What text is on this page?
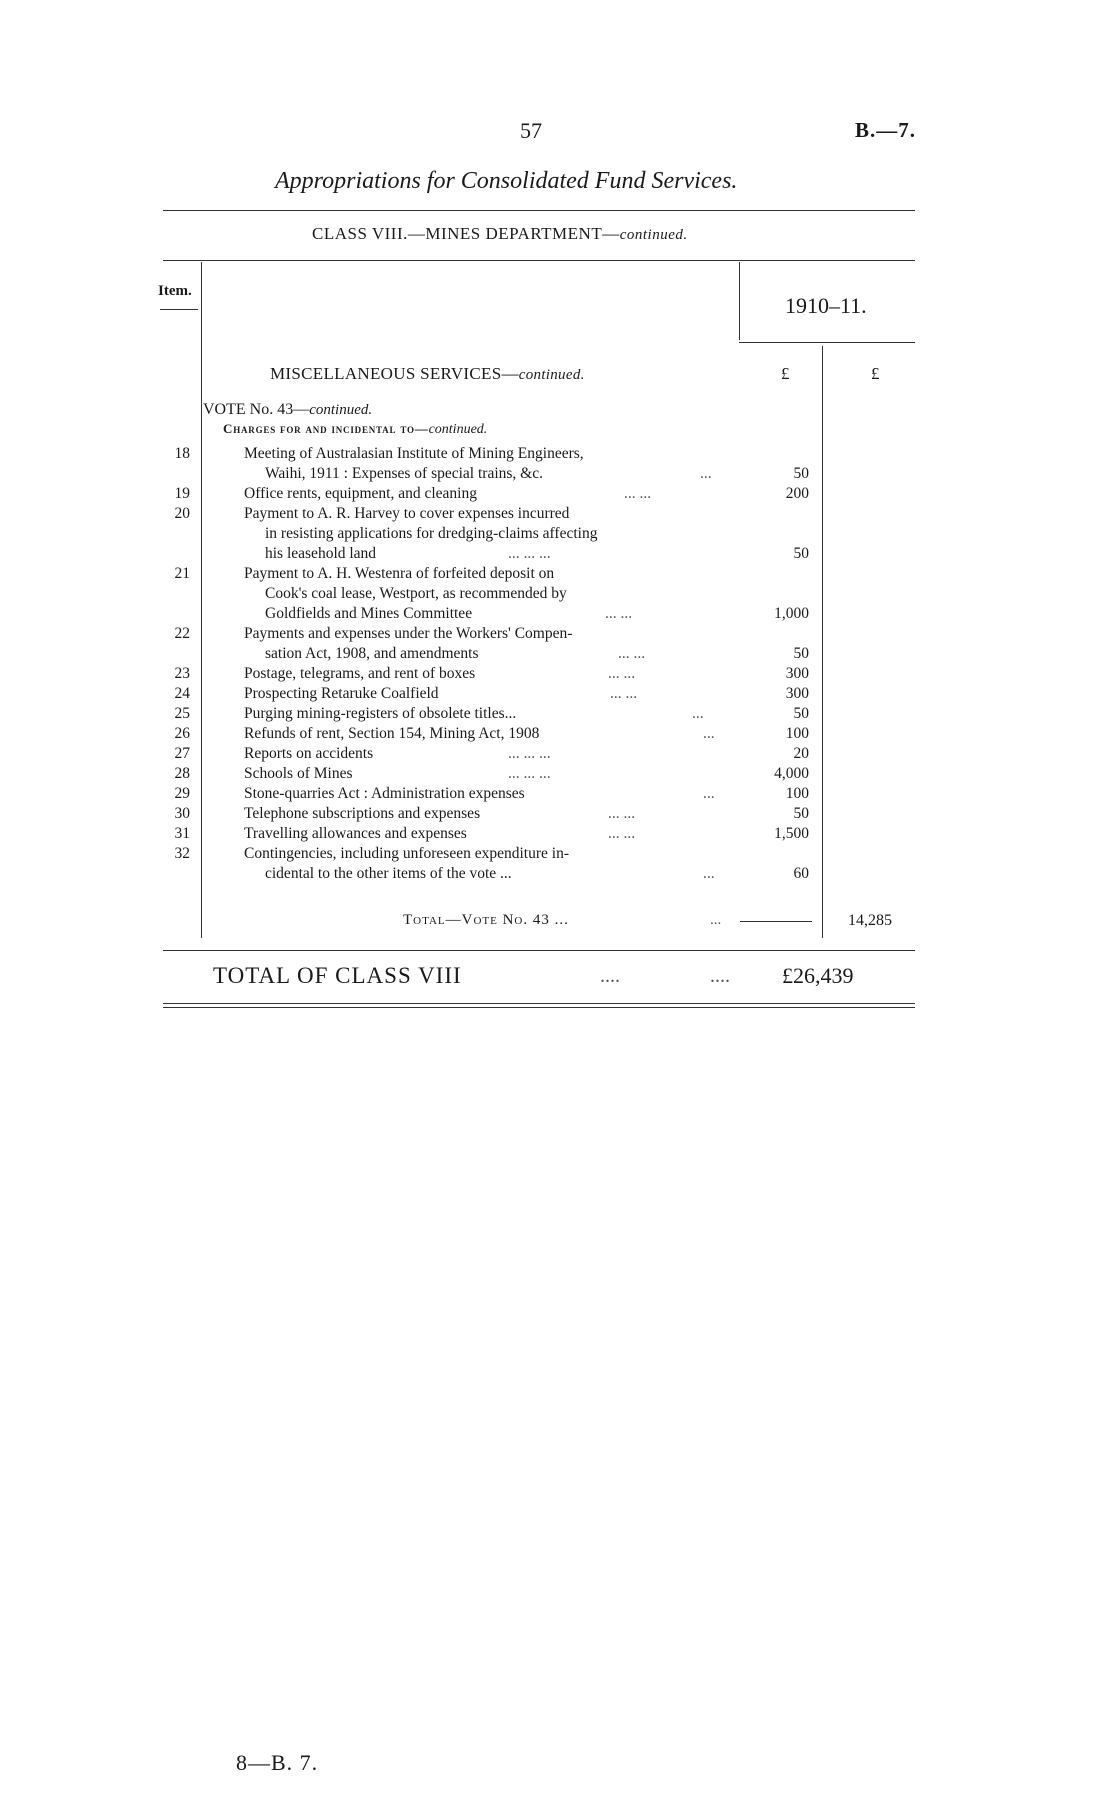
57	B.—7.
Appropriations for Consolidated Fund Services.
CLASS VIII.—MINES DEPARTMENT—continued.
Item.
1910–11.
MISCELLANEOUS SERVICES—continued.	£	£
VOTE No. 43—continued.
Charges for and incidental to—continued.
18	Meeting of Australasian Institute of Mining Engineers,
Waihi, 1911 : Expenses of special trains, &c.	...	50
19	Office rents, equipment, and cleaning	... ...	200
20	Payment to A. R. Harvey to cover expenses incurred
in resisting applications for dredging-claims affecting
his leasehold land	... ... ...	50
21	Payment to A. H. Westenra of forfeited deposit on
Cook's coal lease, Westport, as recommended by
Goldfields and Mines Committee	... ...	1,000
22	Payments and expenses under the Workers' Compen-
sation Act, 1908, and amendments	... ...	50
23	Postage, telegrams, and rent of boxes	... ...	300
24	Prospecting Retaruke Coalfield	... ...	300
25	Purging mining-registers of obsolete titles...	...	50
26	Refunds of rent, Section 154, Mining Act, 1908	...	100
27	Reports on accidents	... ... ...	20
28	Schools of Mines	... ... ...	4,000
29	Stone-quarries Act : Administration expenses	...	100
30	Telephone subscriptions and expenses	... ...	50
31	Travelling allowances and expenses	... ...	1,500
32	Contingencies, including unforeseen expenditure in-
cidental to the other items of the vote ...	...	60
Total—Vote No. 43 ...	...	14,285
TOTAL OF CLASS VIII	....	.... £26,439
8—B. 7.
